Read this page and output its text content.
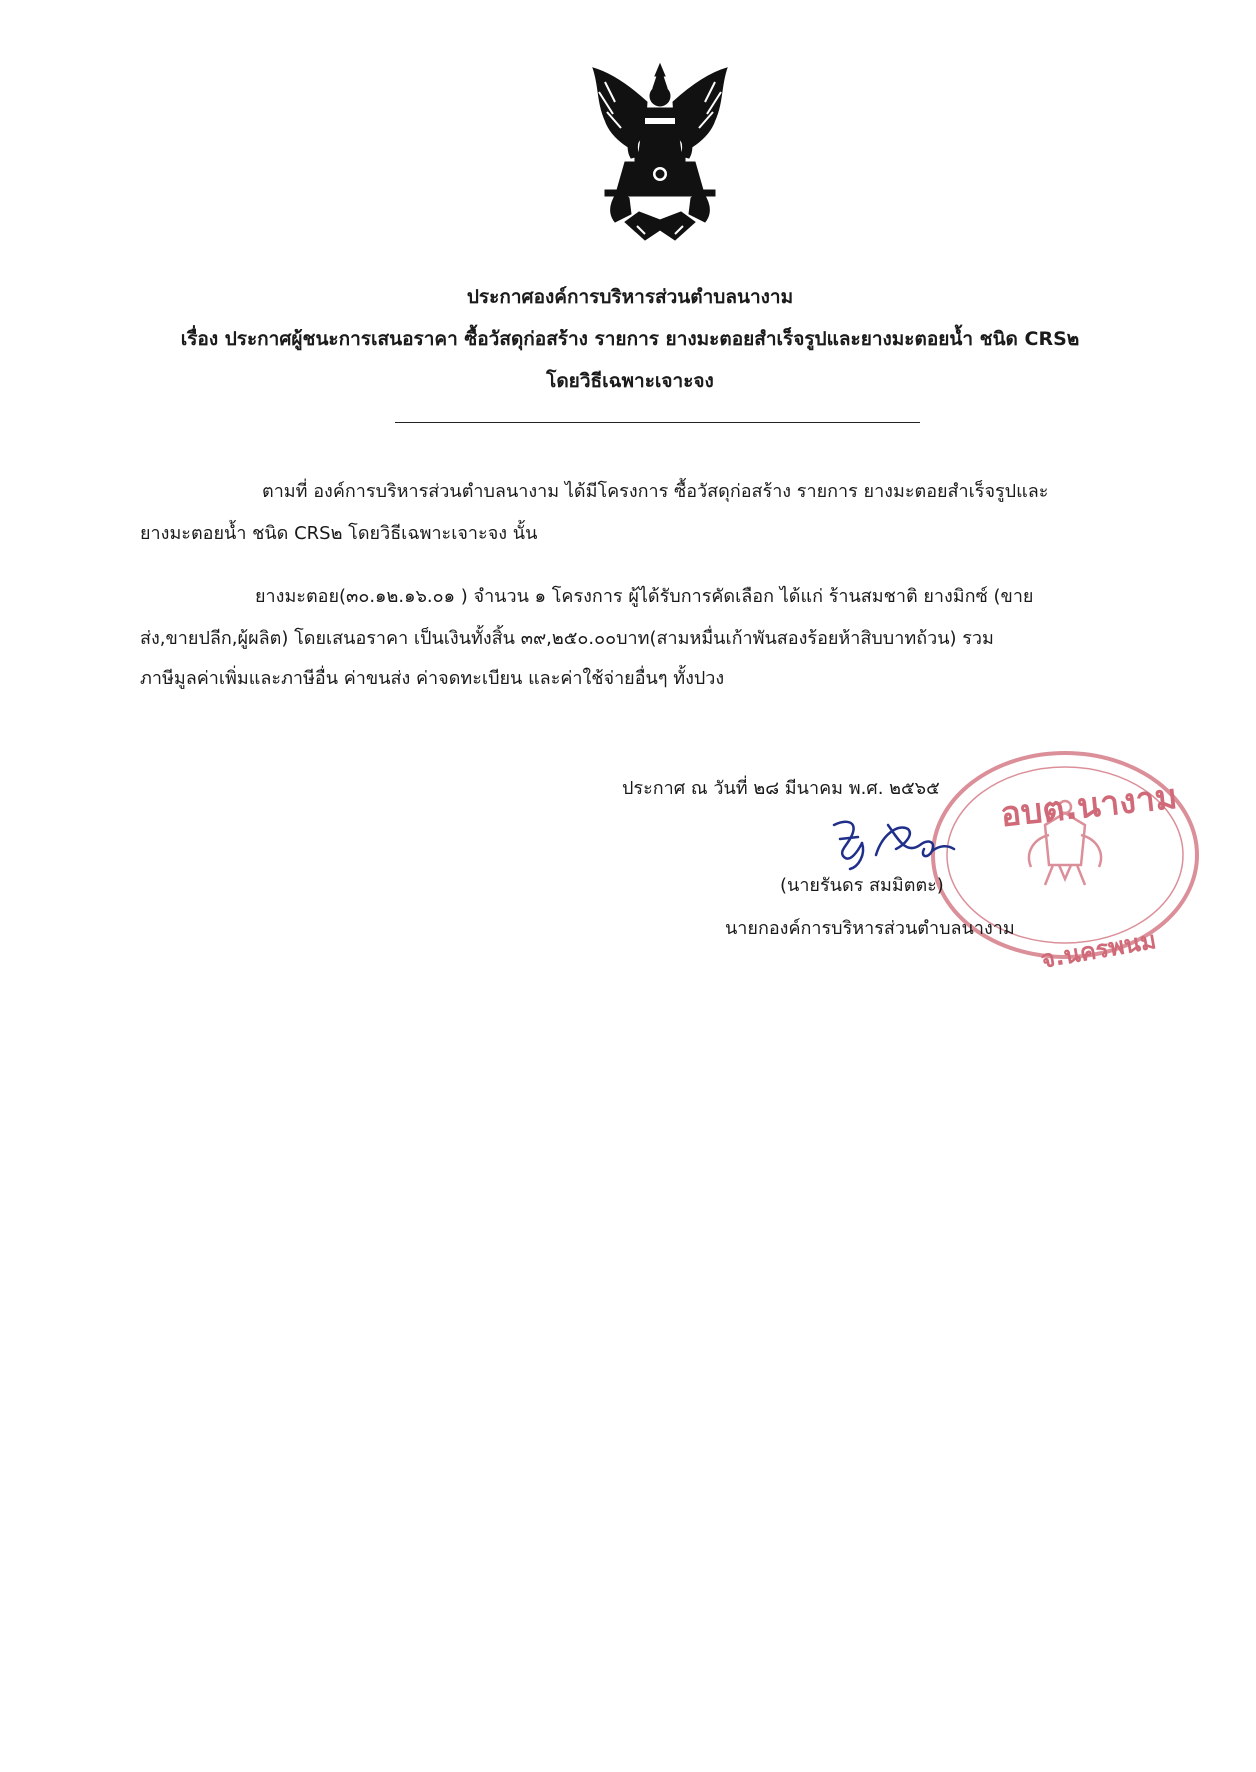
ประกาศองค์การบริหารส่วนตำบลนางาม
เรื่อง ประกาศผู้ชนะการเสนอราคา ซื้อวัสดุก่อสร้าง รายการ ยางมะตอยสำเร็จรูปและยางมะตอยน้ำ ชนิด CRS๒
โดยวิธีเฉพาะเจาะจง
ตามที่ องค์การบริหารส่วนตำบลนางาม ได้มีโครงการ ซื้อวัสดุก่อสร้าง รายการ ยางมะตอยสำเร็จรูปและ
ยางมะตอยน้ำ ชนิด CRS๒ โดยวิธีเฉพาะเจาะจง นั้น
ยางมะตอย(๓๐.๑๒.๑๖.๐๑ ) จำนวน ๑ โครงการ ผู้ได้รับการคัดเลือก ได้แก่ ร้านสมชาติ ยางมิกซ์ (ขาย
ส่ง,ขายปลีก,ผู้ผลิต) โดยเสนอราคา เป็นเงินทั้งสิ้น ๓๙,๒๕๐.๐๐บาท(สามหมื่นเก้าพันสองร้อยห้าสิบบาทถ้วน) รวม
ภาษีมูลค่าเพิ่มและภาษีอื่น ค่าขนส่ง ค่าจดทะเบียน และค่าใช้จ่ายอื่นๆ ทั้งปวง
ประกาศ ณ วันที่ ๒๘ มีนาคม พ.ศ. ๒๕๖๕ อบต.นางาม
จ.นครพนม
(นายรันดร สมมิตตะ)
นายกองค์การบริหารส่วนตำบลนางาม
